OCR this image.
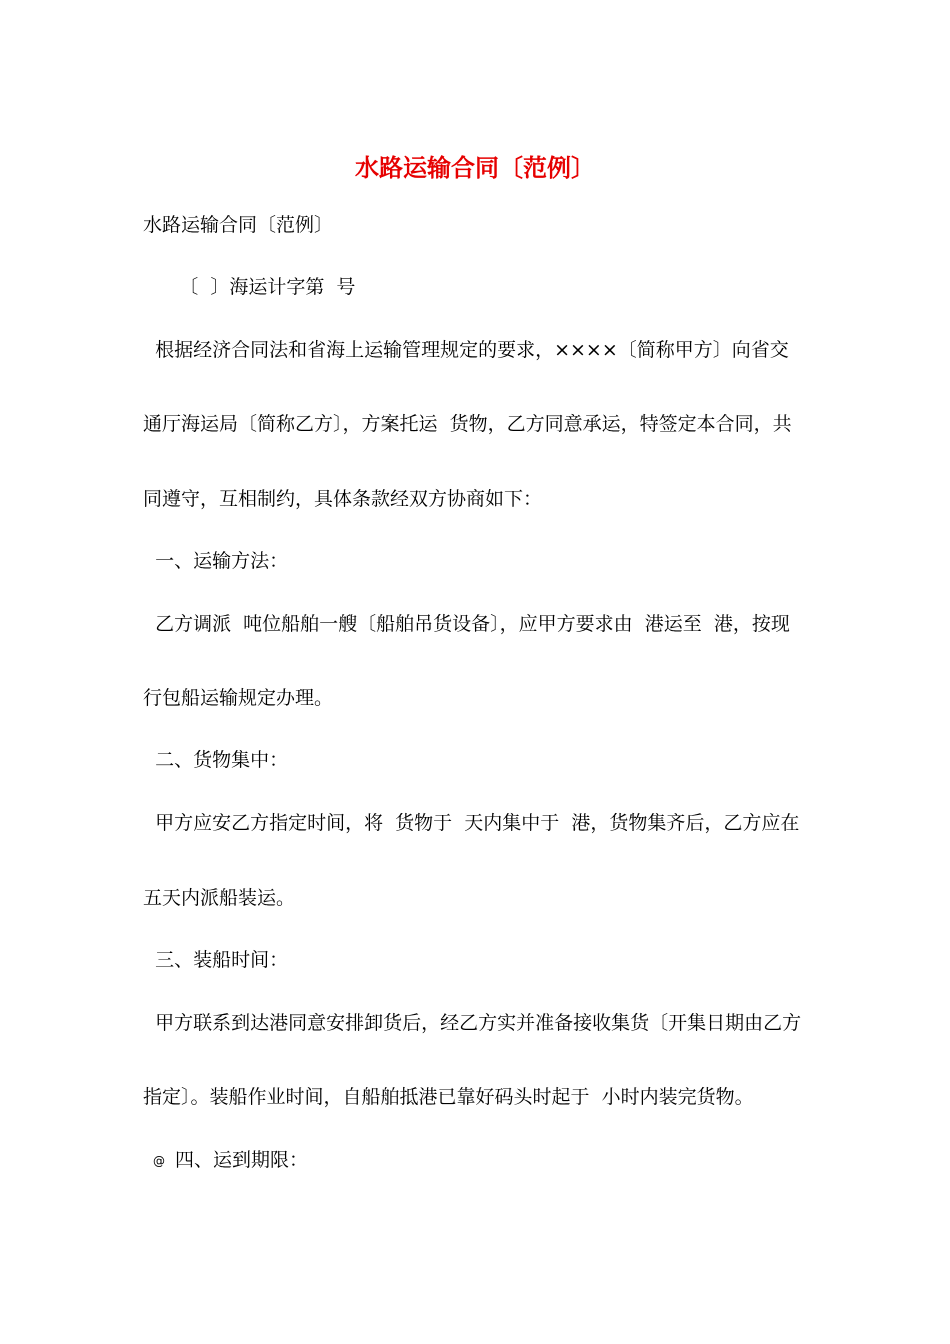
水路运输合同〔范例〕
水路运输合同〔范例〕
〔  〕海运计字第  号
根据经济合同法和省海上运输管理规定的要求，××××〔简称甲方〕向省交
通厅海运局〔简称乙方〕，方案托运  货物，乙方同意承运，特签定本合同，共
同遵守，互相制约，具体条款经双方协商如下：
一、运输方法：
乙方调派  吨位船舶一艘〔船舶吊货设备〕，应甲方要求由  港运至  港，按现
行包船运输规定办理。
二、货物集中：
甲方应安乙方指定时间，将  货物于  天内集中于  港，货物集齐后，乙方应在
五天内派船装运。
三、装船时间：
甲方联系到达港同意安排卸货后，经乙方实并准备接收集货〔开集日期由乙方
指定〕。装船作业时间，自船舶抵港已靠好码头时起于  小时内装完货物。
@ 四、运到期限：
